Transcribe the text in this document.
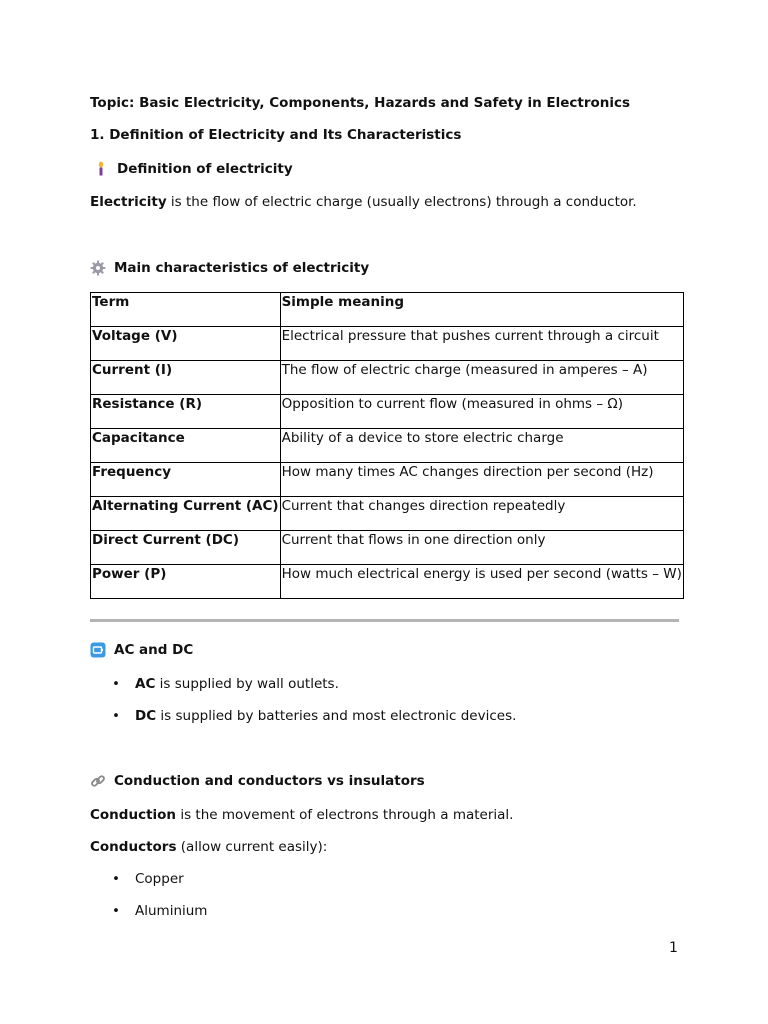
Topic: Basic Electricity, Components, Hazards and Safety in Electronics
1. Definition of Electricity and Its Characteristics
Definition of electricity
Electricity is the flow of electric charge (usually electrons) through a conductor.
Main characteristics of electricity
Term	Simple meaning
Voltage (V)	Electrical pressure that pushes current through a circuit
Current (I)	The flow of electric charge (measured in amperes – A)
Resistance (R)	Opposition to current flow (measured in ohms – Ω)
Capacitance	Ability of a device to store electric charge
Frequency	How many times AC changes direction per second (Hz)
Alternating Current (AC)	Current that changes direction repeatedly
Direct Current (DC)	Current that flows in one direction only
Power (P)	How much electrical energy is used per second (watts – W)
AC and DC
• AC is supplied by wall outlets.
• DC is supplied by batteries and most electronic devices.
Conduction and conductors vs insulators
Conduction is the movement of electrons through a material.
Conductors (allow current easily):
• Copper
• Aluminium
1
